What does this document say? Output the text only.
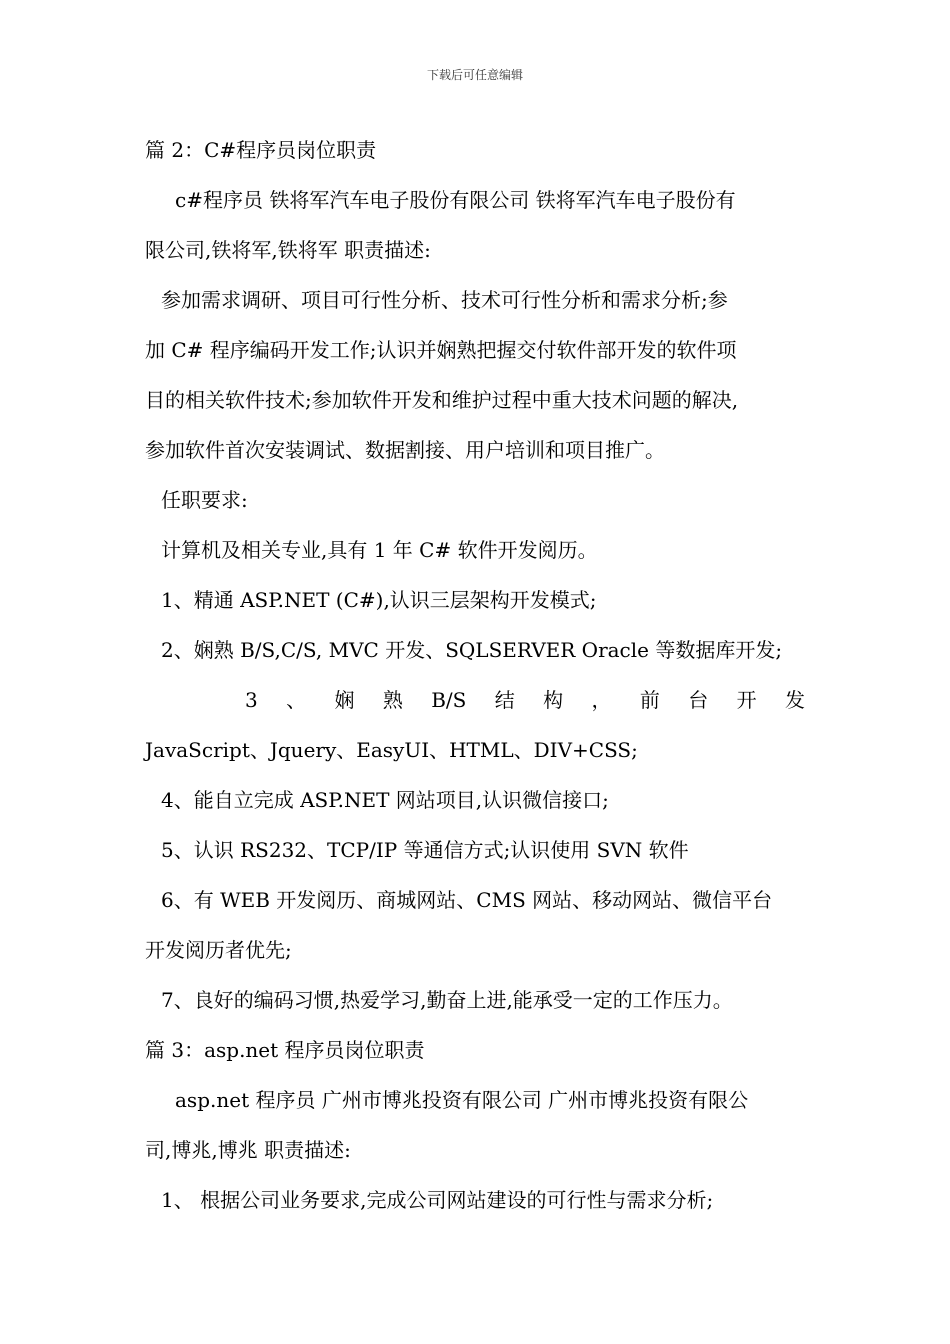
下载后可任意编辑
篇 2：C#程序员岗位职责
c#程序员 铁将军汽车电子股份有限公司 铁将军汽车电子股份有
限公司,铁将军,铁将军 职责描述:
参加需求调研、项目可行性分析、技术可行性分析和需求分析;参
加 C# 程序编码开发工作;认识并娴熟把握交付软件部开发的软件项
目的相关软件技术;参加软件开发和维护过程中重大技术问题的解决,
参加软件首次安装调试、数据割接、用户培训和项目推广。
任职要求:
计算机及相关专业,具有 1 年 C# 软件开发阅历。
1、精通 ASP.NET (C#),认识三层架构开发模式;
2、娴熟 B/S,C/S, MVC 开发、SQLSERVER Oracle 等数据库开发;
3 、 娴 熟 B/S 结 构 ， 前 台 开 发
JavaScript、Jquery、EasyUI、HTML、DIV+CSS;
4、能自立完成 ASP.NET 网站项目,认识微信接口;
5、认识 RS232、TCP/IP 等通信方式;认识使用 SVN 软件
6、有 WEB 开发阅历、商城网站、CMS 网站、移动网站、微信平台
开发阅历者优先;
7、良好的编码习惯,热爱学习,勤奋上进,能承受一定的工作压力。
篇 3：asp.net 程序员岗位职责
asp.net 程序员 广州市博兆投资有限公司 广州市博兆投资有限公
司,博兆,博兆 职责描述:
1、 根据公司业务要求,完成公司网站建设的可行性与需求分析;
